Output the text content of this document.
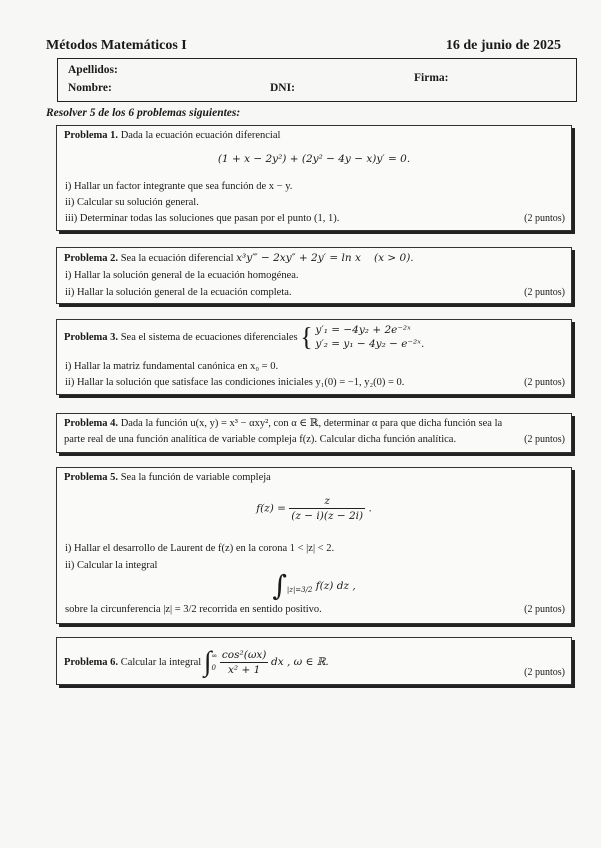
Métodos Matemáticos I	16 de junio de 2025
Apellidos:
Nombre:	DNI:
Firma:
Resolver 5 de los 6 problemas siguientes:
Problema 1. Dada la ecuación ecuación diferencial
(1 + x − 2y²) + (2y² − 4y − x)y′ = 0.
i) Hallar un factor integrante que sea función de x − y.
ii) Calcular su solución general.
iii) Determinar todas las soluciones que pasan por el punto (1, 1).	(2 puntos)
Problema 2. Sea la ecuación diferencial x³y‴ − 2xy″ + 2y′ = ln x (x > 0).
i) Hallar la solución general de la ecuación homogénea.
ii) Hallar la solución general de la ecuación completa.	(2 puntos)
Problema 3. Sea el sistema de ecuaciones diferenciales { y′₁ = −4y₂ + 2e⁻²ˣ
y′₂ = y₁ − 4y₂ − e⁻²ˣ.
i) Hallar la matriz fundamental canónica en x₀ = 0.
ii) Hallar la solución que satisface las condiciones iniciales y₁(0) = −1, y₂(0) = 0.	(2 puntos)
Problema 4. Dada la función u(x, y) = x³ − αxy², con α ∈ ℝ, determinar α para que dicha función sea la
parte real de una función analítica de variable compleja f(z). Calcular dicha función analítica.	(2 puntos)
Problema 5. Sea la función de variable compleja
$f(z) = \frac{z}{(z - i)(z - 2i)}$ .
i) Hallar el desarrollo de Laurent de f(z) en la corona 1 < |z| < 2.
ii) Calcular la integral
$\int_{|z|=3/2}$ f(z) dz ,
sobre la circunferencia |z| = 3/2 recorrida en sentido positivo.	(2 puntos)
Problema 6. Calcular la integral ∫ ∞
0
$\frac{\text{cos²(ωx)}}{\text{x² + 1}}$ dx , ω ∈ ℝ.
(2 puntos)
